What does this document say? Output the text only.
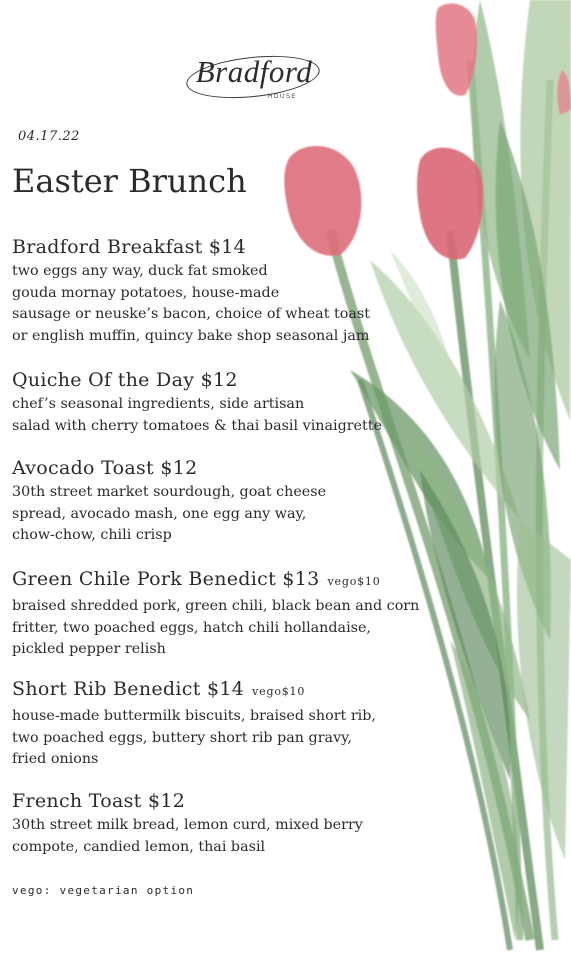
Bradford
HOUSE
04.17.22
Easter Brunch
Bradford Breakfast $14
two eggs any way, duck fat smoked
gouda mornay potatoes, house-made
sausage or neuske’s bacon, choice of wheat toast
or english muffin, quincy bake shop seasonal jam
Quiche Of the Day $12
chef’s seasonal ingredients, side artisan
salad with cherry tomatoes & thai basil vinaigrette
Avocado Toast $12
30th street market sourdough, goat cheese
spread, avocado mash, one egg any way,
chow-chow, chili crisp
Green Chile Pork Benedict $13 vego$10
braised shredded pork, green chili, black bean and corn
fritter, two poached eggs, hatch chili hollandaise,
pickled pepper relish
Short Rib Benedict $14 vego$10
house-made buttermilk biscuits, braised short rib,
two poached eggs, buttery short rib pan gravy,
fried onions
French Toast $12
30th street milk bread, lemon curd, mixed berry
compote, candied lemon, thai basil
vego: vegetarian option
